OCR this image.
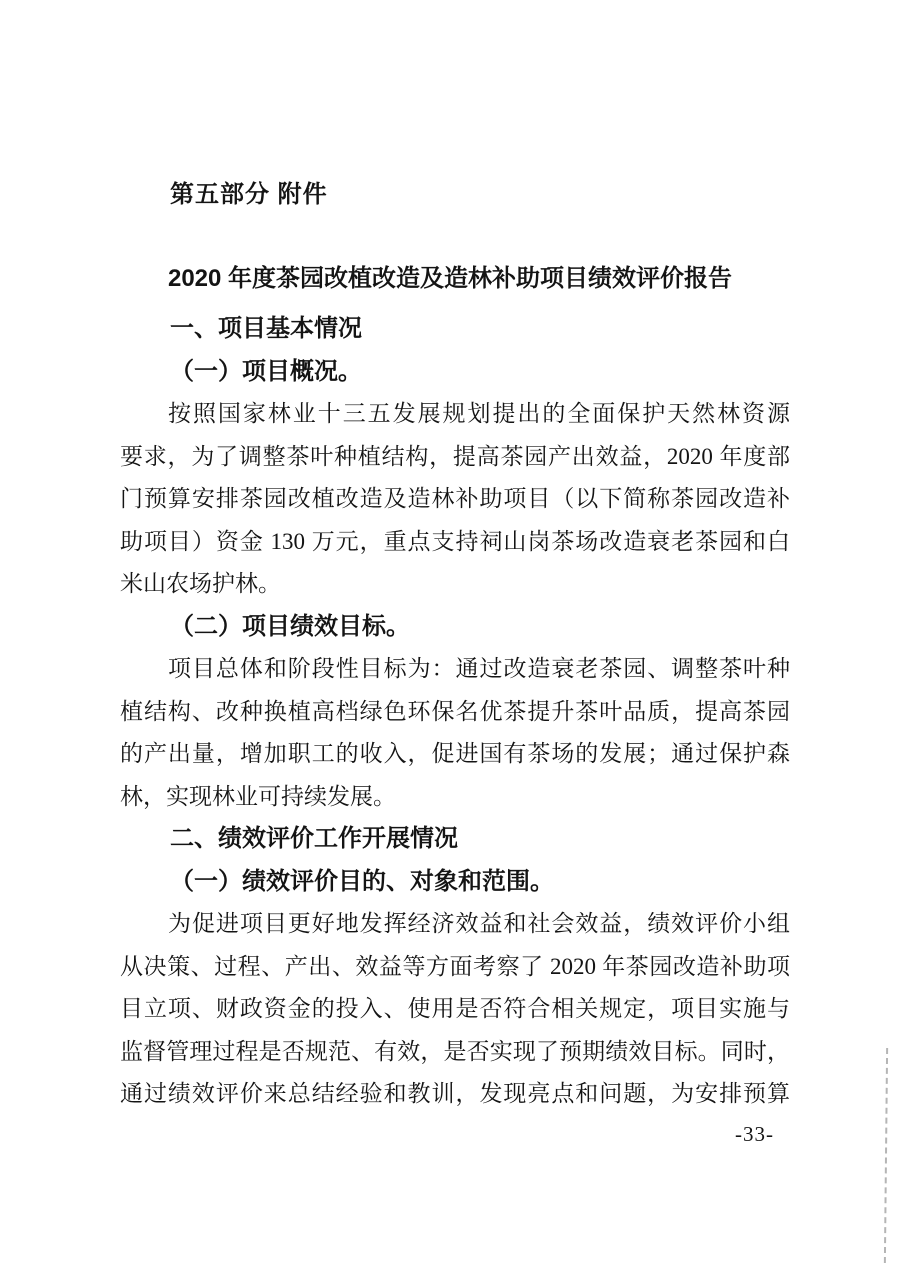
第五部分 附件
2020 年度茶园改植改造及造林补助项目绩效评价报告
一、项目基本情况
（一）项目概况。
按照国家林业十三五发展规划提出的全面保护天然林资源
要求，为了调整茶叶种植结构，提高茶园产出效益，2020 年度部
门预算安排茶园改植改造及造林补助项目（以下简称茶园改造补
助项目）资金 130 万元，重点支持祠山岗茶场改造衰老茶园和白
米山农场护林。
（二）项目绩效目标。
项目总体和阶段性目标为：通过改造衰老茶园、调整茶叶种
植结构、改种换植高档绿色环保名优茶提升茶叶品质，提高茶园
的产出量，增加职工的收入，促进国有茶场的发展；通过保护森
林，实现林业可持续发展。
二、绩效评价工作开展情况
（一）绩效评价目的、对象和范围。
为促进项目更好地发挥经济效益和社会效益，绩效评价小组
从决策、过程、产出、效益等方面考察了 2020 年茶园改造补助项
目立项、财政资金的投入、使用是否符合相关规定，项目实施与
监督管理过程是否规范、有效，是否实现了预期绩效目标。同时，
通过绩效评价来总结经验和教训，发现亮点和问题，为安排预算
-33-
